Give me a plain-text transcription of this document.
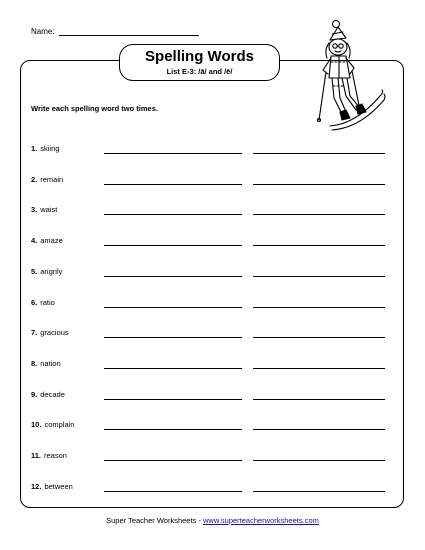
Name:
Spelling Words
List E-3: /ā/ and /ē/
Write each spelling word two times.
1. skiing
2. remain
3. waist
4. amaze
5. angrily
6. ratio
7. gracious
8. nation
9. decade
10. complain
11. reason
12. between
Super Teacher Worksheets - www.superteacherworksheets.com
